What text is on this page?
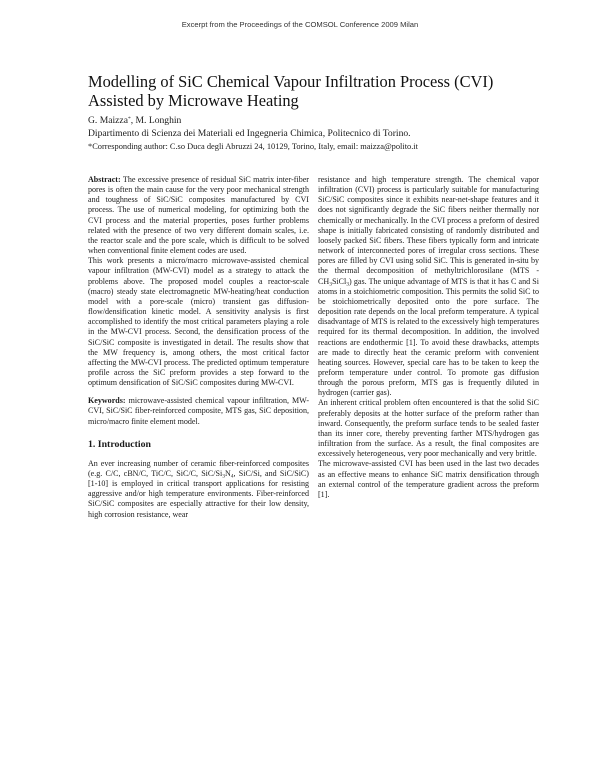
Excerpt from the Proceedings of the COMSOL Conference 2009 Milan
Modelling of SiC Chemical Vapour Infiltration Process (CVI) Assisted by Microwave Heating
G. Maizza*, M. Longhin
Dipartimento di Scienza dei Materiali ed Ingegneria Chimica, Politecnico di Torino.
*Corresponding author: C.so Duca degli Abruzzi 24, 10129, Torino, Italy, email: maizza@polito.it

Abstract: The excessive presence of residual SiC matrix inter-fiber pores is often the main cause for the very poor mechanical strength and toughness of SiC/SiC composites manufactured by CVI process. The use of numerical modeling, for optimizing both the CVI process and the material properties, poses further problems related with the presence of two very different domain scales, i.e. the reactor scale and the pore scale, which is difficult to be solved when conventional finite element codes are used.

This work presents a micro/macro microwave-assisted chemical vapour infiltration (MW-CVI) model as a strategy to attack the problems above. The proposed model couples a reactor-scale (macro) steady state electromagnetic MW-heating/heat conduction model with a pore-scale (micro) transient gas diffusion-flow/densification kinetic model. A sensitivity analysis is first accomplished to identify the most critical parameters playing a role in the MW-CVI process. Second, the densification process of the SiC/SiC composite is investigated in detail. The results show that the MW frequency is, among others, the most critical factor affecting the MW-CVI process. The predicted optimum temperature profile across the SiC preform provides a step forward to the optimum densification of SiC/SiC composites during MW-CVI.

Keywords: microwave-assisted chemical vapour infiltration, MW-CVI, SiC/SiC fiber-reinforced composite, MTS gas, SiC deposition, micro/macro finite element model.

1. Introduction

An ever increasing number of ceramic fiber-reinforced composites (e.g. C/C, cBN/C, TiC/C, SiC/C, SiC/$Si_3N_4$, SiC/Si, and SiC/SiC) [1-10] is employed in critical transport applications for resisting aggressive and/or high temperature environments. Fiber-reinforced SiC/SiC composites are especially attractive for their low density, high corrosion resistance, wear

resistance and high temperature strength. The chemical vapor infiltration (CVI) process is particularly suitable for manufacturing SiC/SiC composites since it exhibits near-net-shape features and it does not significantly degrade the SiC fibers neither thermally nor chemically or mechanically. In the CVI process a preform of desired shape is initially fabricated consisting of randomly distributed and loosely packed SiC fibers. These fibers typically form and intricate network of interconnected pores of irregular cross sections. These pores are filled by CVI using solid SiC. This is generated in-situ by the thermal decomposition of methyltrichlorosilane $(MTS - CH_3SiCl_3)$ gas. The unique advantage of MTS is that it has C and Si atoms in a stoichiometric composition. This permits the solid SiC to be stoichiometrically deposited onto the pore surface. The deposition rate depends on the local preform temperature. A typical disadvantage of MTS is related to the excessively high temperatures required for its thermal decomposition. In addition, the involved reactions are endothermic [1]. To avoid these drawbacks, attempts are made to directly heat the ceramic preform with convenient heating sources. However, special care has to be taken to keep the preform temperature under control. To promote gas diffusion through the porous preform, MTS gas is frequently diluted in hydrogen (carrier gas).

An inherent critical problem often encountered is that the solid SiC preferably deposits at the hotter surface of the preform rather than inward. Consequently, the preform surface tends to be sealed faster than its inner core, thereby preventing farther MTS/hydrogen gas infiltration from the surface. As a result, the final composites are excessively heterogeneous, very poor mechanically and very brittle.

The microwave-assisted CVI has been used in the last two decades as an effective means to enhance SiC matrix densification through an external control of the temperature gradient across the preform [1].
